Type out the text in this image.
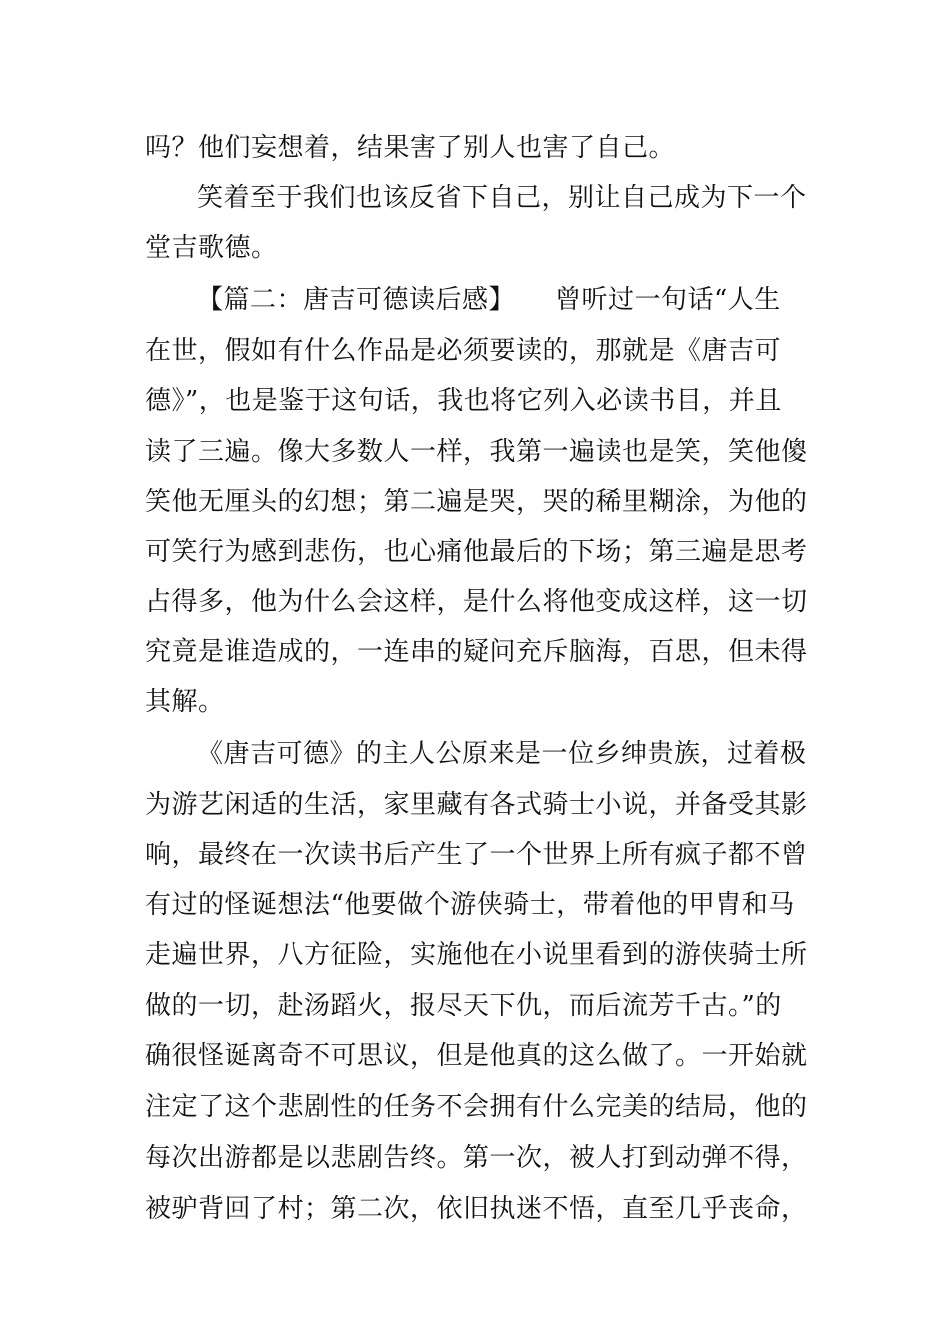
吗？他们妄想着，结果害了别人也害了自己。
笑着至于我们也该反省下自己，别让自己成为下一个
堂吉歌德。
【篇二：唐吉可德读后感】　　曾听过一句话“人生
在世，假如有什么作品是必须要读的，那就是《唐吉可
德》”，也是鉴于这句话，我也将它列入必读书目，并且
读了三遍。像大多数人一样，我第一遍读也是笑，笑他傻
笑他无厘头的幻想；第二遍是哭，哭的稀里糊涂，为他的
可笑行为感到悲伤，也心痛他最后的下场；第三遍是思考
占得多，他为什么会这样，是什么将他变成这样，这一切
究竟是谁造成的，一连串的疑问充斥脑海，百思，但未得
其解。
《唐吉可德》的主人公原来是一位乡绅贵族，过着极
为游艺闲适的生活，家里藏有各式骑士小说，并备受其影
响，最终在一次读书后产生了一个世界上所有疯子都不曾
有过的怪诞想法“他要做个游侠骑士，带着他的甲胄和马
走遍世界，八方征险，实施他在小说里看到的游侠骑士所
做的一切，赴汤蹈火，报尽天下仇，而后流芳千古。”的
确很怪诞离奇不可思议，但是他真的这么做了。一开始就
注定了这个悲剧性的任务不会拥有什么完美的结局，他的
每次出游都是以悲剧告终。第一次，被人打到动弹不得，
被驴背回了村；第二次，依旧执迷不悟，直至几乎丧命，
